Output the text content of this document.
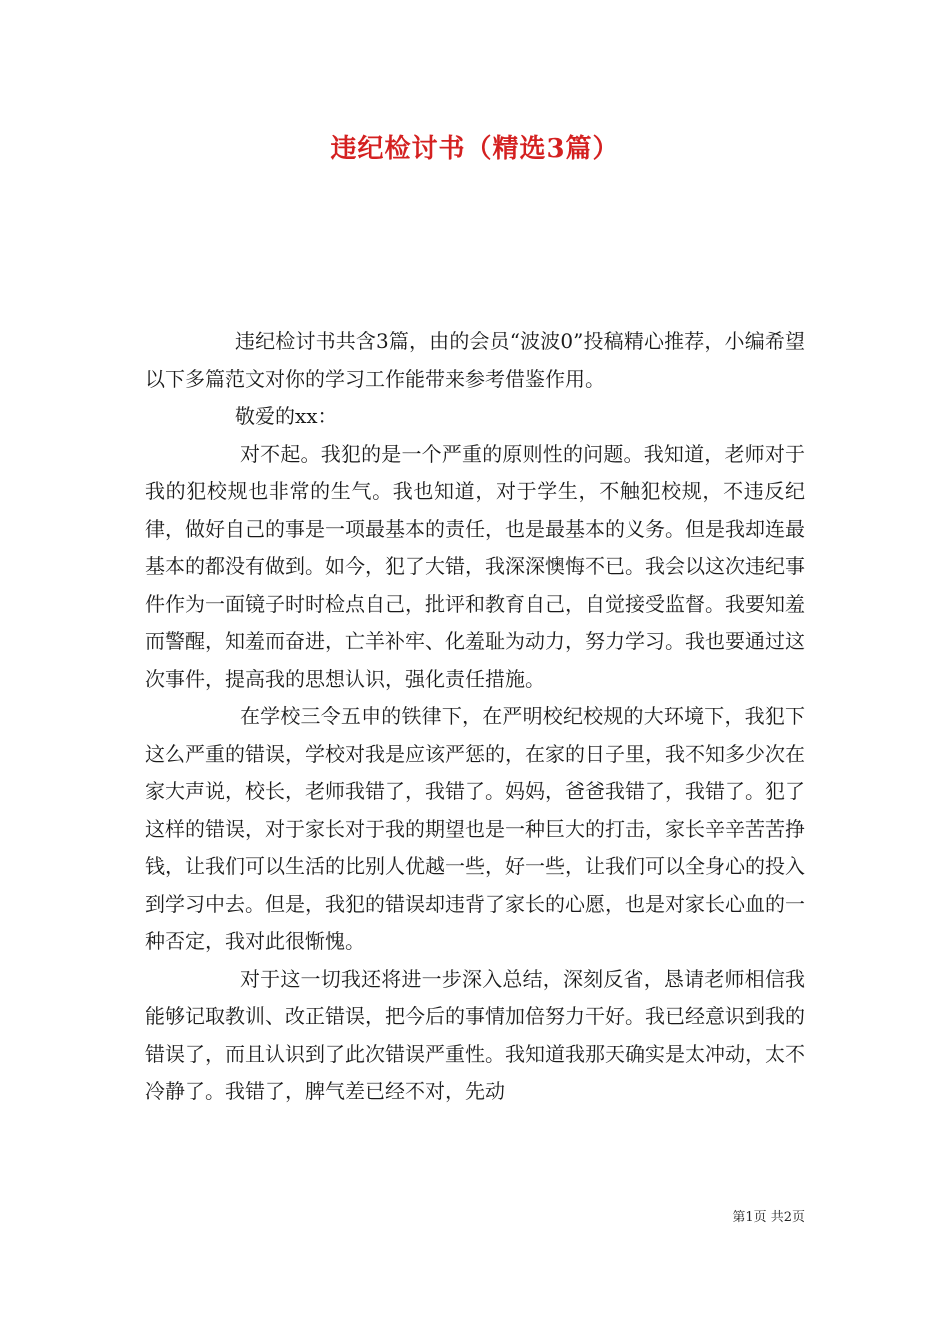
违纪检讨书（精选3篇）

违纪检讨书共含3篇，由的会员“波波0”投稿精心推荐，小编希望以下多篇范文对你的学习工作能带来参考借鉴作用。

敬爱的xx：

对不起。我犯的是一个严重的原则性的问题。我知道，老师对于我的犯校规也非常的生气。我也知道，对于学生，不触犯校规，不违反纪律，做好自己的事是一项最基本的责任，也是最基本的义务。但是我却连最基本的都没有做到。如今，犯了大错，我深深懊悔不已。我会以这次违纪事件作为一面镜子时时检点自己，批评和教育自己，自觉接受监督。我要知羞而警醒，知羞而奋进，亡羊补牢、化羞耻为动力，努力学习。我也要通过这次事件，提高我的思想认识，强化责任措施。

在学校三令五申的铁律下，在严明校纪校规的大环境下，我犯下这么严重的错误，学校对我是应该严惩的，在家的日子里，我不知多少次在家大声说，校长，老师我错了，我错了。妈妈，爸爸我错了，我错了。犯了这样的错误，对于家长对于我的期望也是一种巨大的打击，家长辛辛苦苦挣钱，让我们可以生活的比别人优越一些，好一些，让我们可以全身心的投入到学习中去。但是，我犯的错误却违背了家长的心愿，也是对家长心血的一种否定，我对此很惭愧。

对于这一切我还将进一步深入总结，深刻反省，恳请老师相信我能够记取教训、改正错误，把今后的事情加倍努力干好。我已经意识到我的错误了，而且认识到了此次错误严重性。我知道我那天确实是太冲动，太不冷静了。我错了，脾气差已经不对，先动

第1页 共2页
